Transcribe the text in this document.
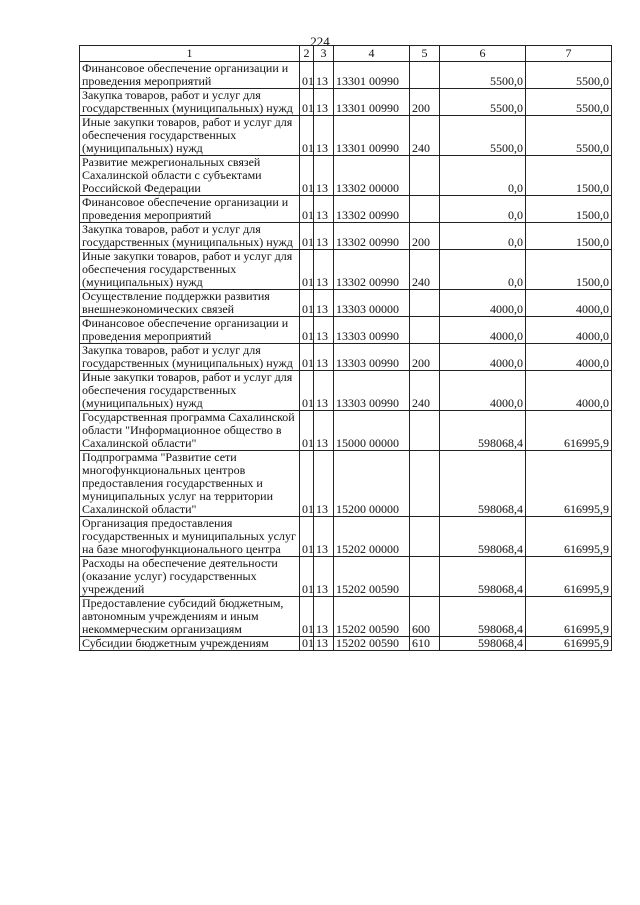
224
1	2	3	4	5	6	7
Финансовое обеспечение организации и проведения мероприятий	01	13	13301 00990		5500,0	5500,0
Закупка товаров, работ и услуг для государственных (муниципальных) нужд	01	13	13301 00990	200	5500,0	5500,0
Иные закупки товаров, работ и услуг для обеспечения государственных (муниципальных) нужд	01	13	13301 00990	240	5500,0	5500,0
Развитие межрегиональных связей Сахалинской области с субъектами Российской Федерации	01	13	13302 00000		0,0	1500,0
Финансовое обеспечение организации и проведения мероприятий	01	13	13302 00990		0,0	1500,0
Закупка товаров, работ и услуг для государственных (муниципальных) нужд	01	13	13302 00990	200	0,0	1500,0
Иные закупки товаров, работ и услуг для обеспечения государственных (муниципальных) нужд	01	13	13302 00990	240	0,0	1500,0
Осуществление поддержки развития внешнеэкономических связей	01	13	13303 00000		4000,0	4000,0
Финансовое обеспечение организации и проведения мероприятий	01	13	13303 00990		4000,0	4000,0
Закупка товаров, работ и услуг для государственных (муниципальных) нужд	01	13	13303 00990	200	4000,0	4000,0
Иные закупки товаров, работ и услуг для обеспечения государственных (муниципальных) нужд	01	13	13303 00990	240	4000,0	4000,0
Государственная программа Сахалинской области "Информационное общество в Сахалинской области"	01	13	15000 00000		598068,4	616995,9
Подпрограмма "Развитие сети многофункциональных центров предоставления государственных и муниципальных услуг на территории Сахалинской области"	01	13	15200 00000		598068,4	616995,9
Организация предоставления государственных и муниципальных услуг на базе многофункционального центра	01	13	15202 00000		598068,4	616995,9
Расходы на обеспечение деятельности (оказание услуг) государственных учреждений	01	13	15202 00590		598068,4	616995,9
Предоставление субсидий бюджетным, автономным учреждениям и иным некоммерческим организациям	01	13	15202 00590	600	598068,4	616995,9
Субсидии бюджетным учреждениям	01	13	15202 00590	610	598068,4	616995,9
